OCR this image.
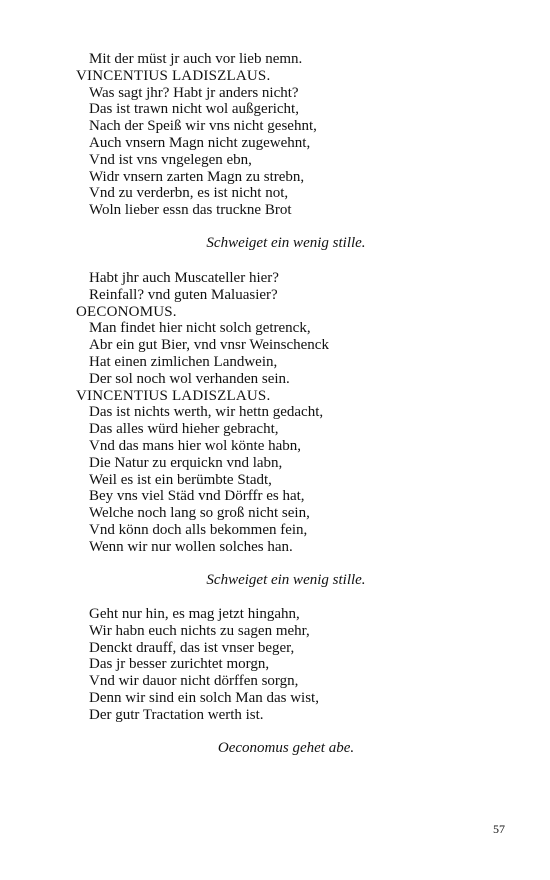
Mit der müst jr auch vor lieb nemn.
VINCENTIUS LADISZLAUS.
Was sagt jhr? Habt jr anders nicht?
Das ist trawn nicht wol außgericht,
Nach der Speiß wir vns nicht gesehnt,
Auch vnsern Magn nicht zugewehnt,
Vnd ist vns vngelegen ebn,
Widr vnsern zarten Magn zu strebn,
Vnd zu verderbn, es ist nicht not,
Woln lieber essn das truckne Brot
Schweiget ein wenig stille.
Habt jhr auch Muscateller hier?
Reinfall? vnd guten Maluasier?
OECONOMUS.
Man findet hier nicht solch getrenck,
Abr ein gut Bier, vnd vnsr Weinschenck
Hat einen zimlichen Landwein,
Der sol noch wol verhanden sein.
VINCENTIUS LADISZLAUS.
Das ist nichts werth, wir hettn gedacht,
Das alles würd hieher gebracht,
Vnd das mans hier wol könte habn,
Die Natur zu erquickn vnd labn,
Weil es ist ein berümbte Stadt,
Bey vns viel Städ vnd Dörffr es hat,
Welche noch lang so groß nicht sein,
Vnd könn doch alls bekommen fein,
Wenn wir nur wollen solches han.
Schweiget ein wenig stille.
Geht nur hin, es mag jetzt hingahn,
Wir habn euch nichts zu sagen mehr,
Denckt drauff, das ist vnser beger,
Das jr besser zurichtet morgn,
Vnd wir dauor nicht dörffen sorgn,
Denn wir sind ein solch Man das wist,
Der gutr Tractation werth ist.
Oeconomus gehet abe.
57
